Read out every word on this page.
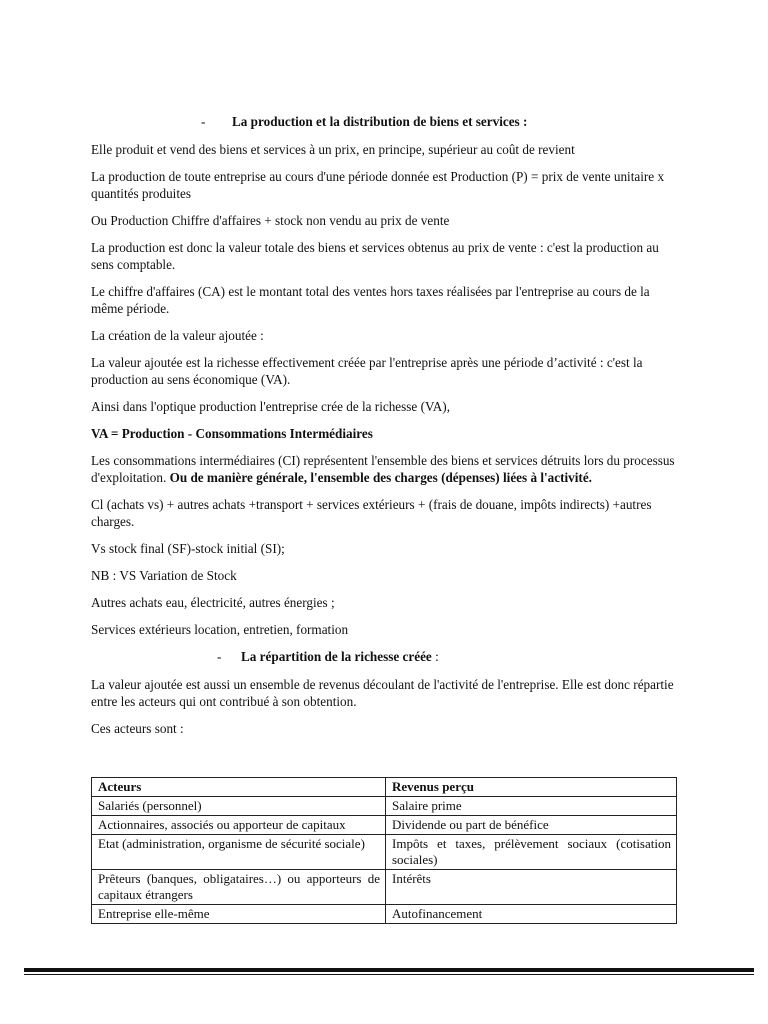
- La production et la distribution de biens et services :

Elle produit et vend des biens et services à un prix, en principe, supérieur au coût de revient

La production de toute entreprise au cours d'une période donnée est Production (P) = prix de vente unitaire x quantités produites

Ou Production Chiffre d'affaires + stock non vendu au prix de vente

La production est donc la valeur totale des biens et services obtenus au prix de vente : c'est la production au sens comptable.

Le chiffre d'affaires (CA) est le montant total des ventes hors taxes réalisées par l'entreprise au cours de la même période.

La création de la valeur ajoutée :

La valeur ajoutée est la richesse effectivement créée par l'entreprise après une période d’activité : c'est la production au sens économique (VA).

Ainsi dans l'optique production l'entreprise crée de la richesse (VA),

VA = Production - Consommations Intermédiaires

Les consommations intermédiaires (CI) représentent l'ensemble des biens et services détruits lors du processus d'exploitation. Ou de manière générale, l'ensemble des charges (dépenses) liées à l'activité.

Cl (achats vs) + autres achats +transport + services extérieurs + (frais de douane, impôts indirects) +autres charges.

Vs stock final (SF)-stock initial (SI);

NB : VS Variation de Stock

Autres achats eau, électricité, autres énergies ;

Services extérieurs location, entretien, formation

- La répartition de la richesse créée :

La valeur ajoutée est aussi un ensemble de revenus découlant de l'activité de l'entreprise. Elle est donc répartie entre les acteurs qui ont contribué à son obtention.

Ces acteurs sont :

Acteurs	Revenus perçu
Salariés (personnel)	Salaire prime
Actionnaires, associés ou apporteur de capitaux	Dividende ou part de bénéfice
Etat (administration, organisme de sécurité sociale)	Impôts et taxes, prélèvement sociaux (cotisation sociales)
Prêteurs (banques, obligataires…) ou apporteurs de capitaux étrangers	Intérêts
Entreprise elle-même	Autofinancement
